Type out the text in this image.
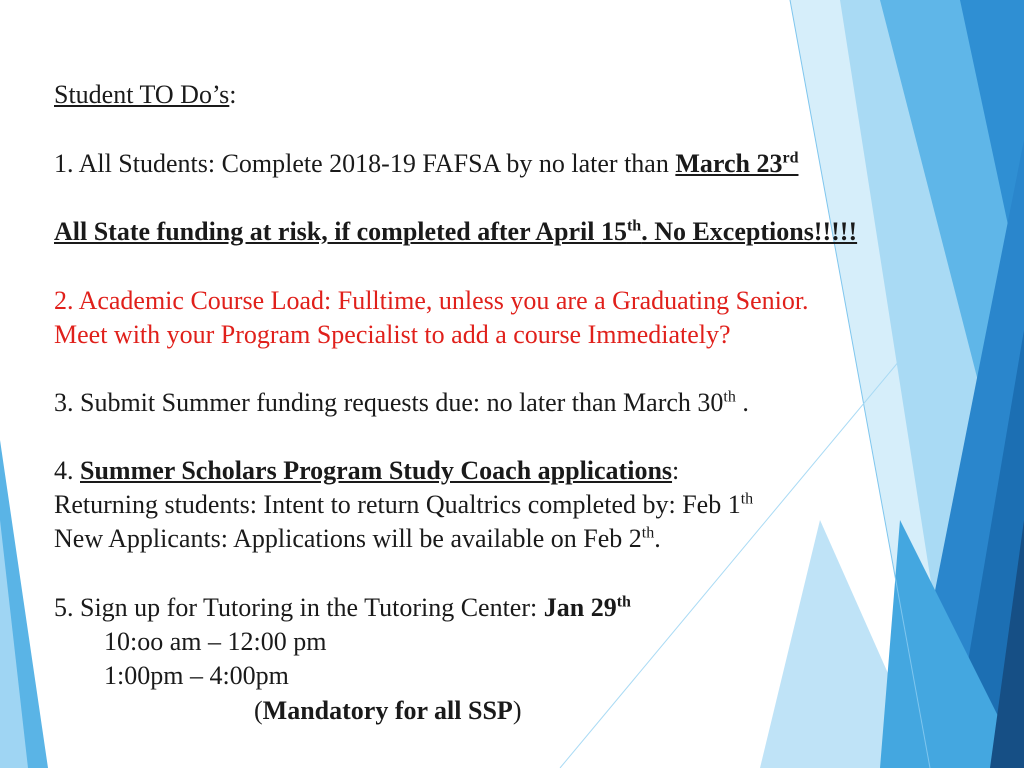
Student TO Do’s:
1. All Students: Complete 2018-19 FAFSA by no later than March 23rd
All State funding at risk, if completed after April 15th. No Exceptions!!!!!
2. Academic Course Load: Fulltime, unless you are a Graduating Senior.
Meet with your Program Specialist to add a course Immediately?
3. Submit Summer funding requests due: no later than March 30th .
4. Summer Scholars Program Study Coach applications:
Returning students: Intent to return Qualtrics completed by: Feb 1th
New Applicants: Applications will be available on Feb 2th.
5. Sign up for Tutoring in the Tutoring Center: Jan 29th
10:oo am – 12:00 pm
1:00pm – 4:00pm
(Mandatory for all SSP)
